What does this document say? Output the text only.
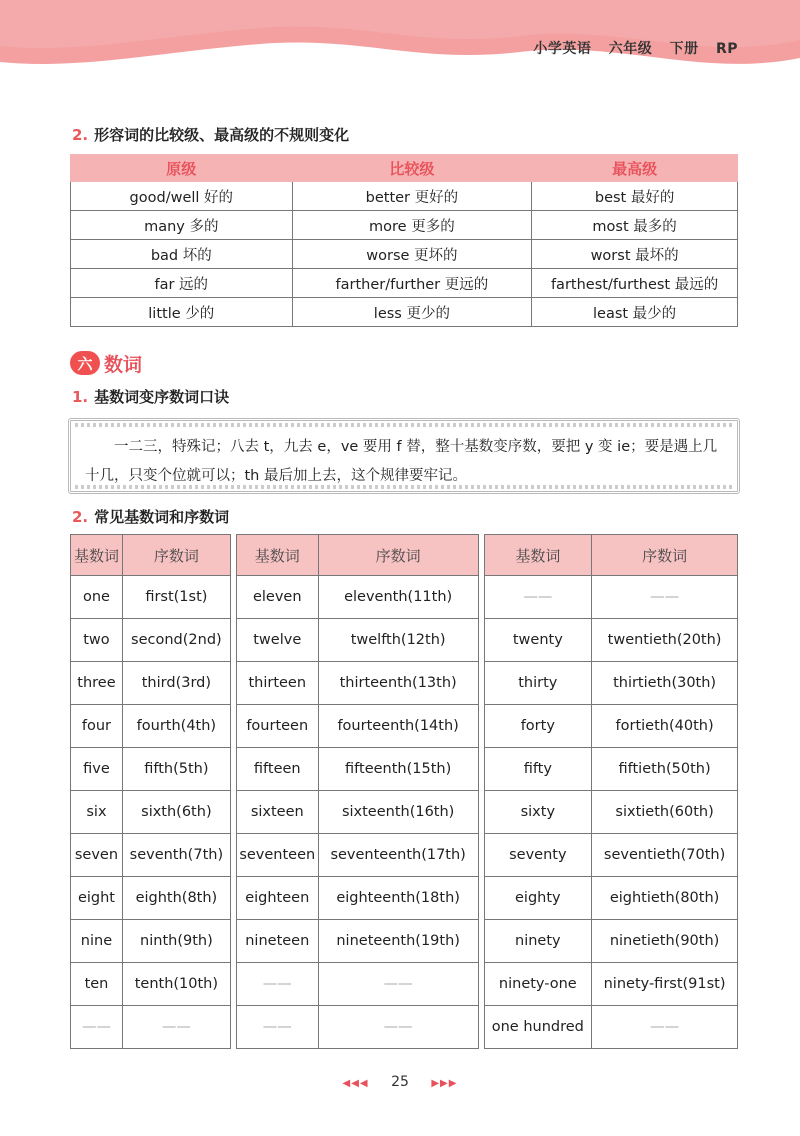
小学英语 六年级 下册 RP
2. 形容词的比较级、最高级的不规则变化
原级	比较级	最高级
good/well 好的	better 更好的	best 最好的
many 多的	more 更多的	most 最多的
bad 坏的	worse 更坏的	worst 最坏的
far 远的	farther/further 更远的	farthest/furthest 最远的
little 少的	less 更少的	least 最少的
六 数词
1. 基数词变序数词口诀
一二三，特殊记；八去 t，九去 e，ve 要用 f 替，整十基数变序数，要把 y 变 ie；要是遇上几十几，只变个位就可以；th 最后加上去，这个规律要牢记。
2. 常见基数词和序数词
基数词	序数词		基数词	序数词		基数词	序数词
one	first(1st)		eleven	eleventh(11th)		——	——
two	second(2nd)		twelve	twelfth(12th)		twenty	twentieth(20th)
three	third(3rd)		thirteen	thirteenth(13th)		thirty	thirtieth(30th)
four	fourth(4th)		fourteen	fourteenth(14th)		forty	fortieth(40th)
five	fifth(5th)		fifteen	fifteenth(15th)		fifty	fiftieth(50th)
six	sixth(6th)		sixteen	sixteenth(16th)		sixty	sixtieth(60th)
seven	seventh(7th)		seventeen	seventeenth(17th)		seventy	seventieth(70th)
eight	eighth(8th)		eighteen	eighteenth(18th)		eighty	eightieth(80th)
nine	ninth(9th)		nineteen	nineteenth(19th)		ninety	ninetieth(90th)
ten	tenth(10th)		——	——		ninety-one	ninety-first(91st)
——	——		——	——		one hundred	——
◀◀◀ 25 ▶▶▶
